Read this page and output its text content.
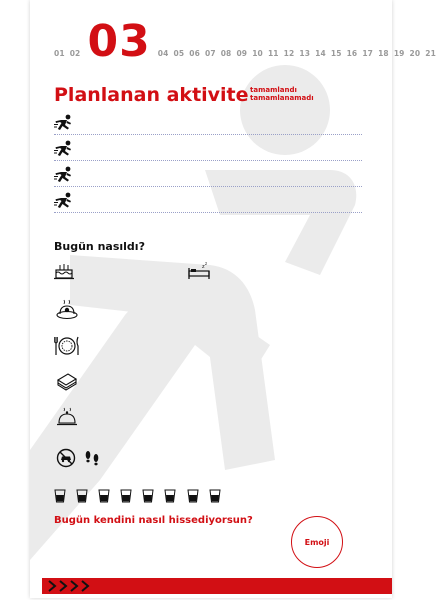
01 02 03 04 05 06 07 08 09 10 11 12 13 14 15 16 17 18 19 20 21
Planlanan aktivite tamamlandı
tamamlanamadı
Bugün nasıldı?
z
z

Bugün kendini nasıl hissediyorsun?
Emoji
